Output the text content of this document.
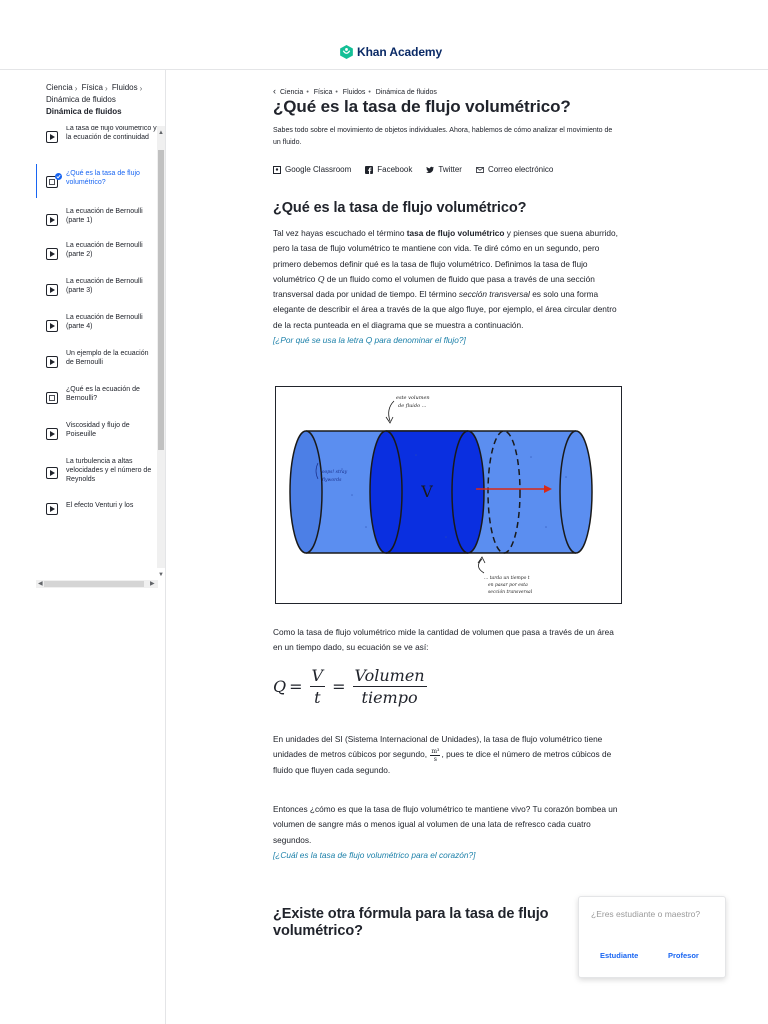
Khan Academy
Ciencia › Física › Fluidos ›
Dinámica de fluidos
Dinámica de fluidos
La tasa de flujo volumétrico y la ecuación de continuidad
¿Qué es la tasa de flujo volumétrico?
La ecuación de Bernoulli (parte 1)
La ecuación de Bernoulli (parte 2)
La ecuación de Bernoulli (parte 3)
La ecuación de Bernoulli (parte 4)
Un ejemplo de la ecuación de Bernoulli
¿Qué es la ecuación de Bernoulli?
Viscosidad y flujo de Poiseuille
La turbulencia a altas velocidades y el número de Reynolds
El efecto Venturi y los
▲
▼
◀	▶
‹ Ciencia • Física • Fluidos • Dinámica de fluidos
¿Qué es la tasa de flujo volumétrico?
Sabes todo sobre el movimiento de objetos individuales. Ahora, hablemos de cómo analizar el movimiento de un fluido.
Google Classroom	Facebook	Twitter	Correo electrónico
¿Qué es la tasa de flujo volumétrico?
Tal vez hayas escuchado el término tasa de flujo volumétrico y pienses que suena aburrido, pero la tasa de flujo volumétrico te mantiene con vida. Te diré cómo en un segundo, pero primero debemos definir qué es la tasa de flujo volumétrico. Definimos la tasa de flujo volumétrico Q de un fluido como el volumen de fluido que pasa a través de una sección transversal dada por unidad de tiempo. El término sección transversal es solo una forma elegante de describir el área a través de la que algo fluye, por ejemplo, el área circular dentro de la recta punteada en el diagrama que se muestra a continuación.
[¿Por qué se usa la letra Q para denominar el flujo?]
V
este volumen
de fluido ...
¡oops! stray
flywords
... tarda un tiempo t
en pasar por esta
sección transversal
Como la tasa de flujo volumétrico mide la cantidad de volumen que pasa a través de un área en un tiempo dado, su ecuación se ve así:
$Q = \frac{V}{t} = \frac{\text{Volumen}}{\text{tiempo}}$
En unidades del SI (Sistema Internacional de Unidades), la tasa de flujo volumétrico tiene unidades de metros cúbicos por segundo, $\frac{\text{m³}}{s}$ , pues te dice el número de metros cúbicos de fluido que fluyen cada segundo.
Entonces ¿cómo es que la tasa de flujo volumétrico te mantiene vivo? Tu corazón bombea un volumen de sangre más o menos igual al volumen de una lata de refresco cada cuatro segundos.
[¿Cuál es la tasa de flujo volumétrico para el corazón?]
¿Existe otra fórmula para la tasa de flujo volumétrico?
¿Eres estudiante o maestro?
Estudiante	Profesor
